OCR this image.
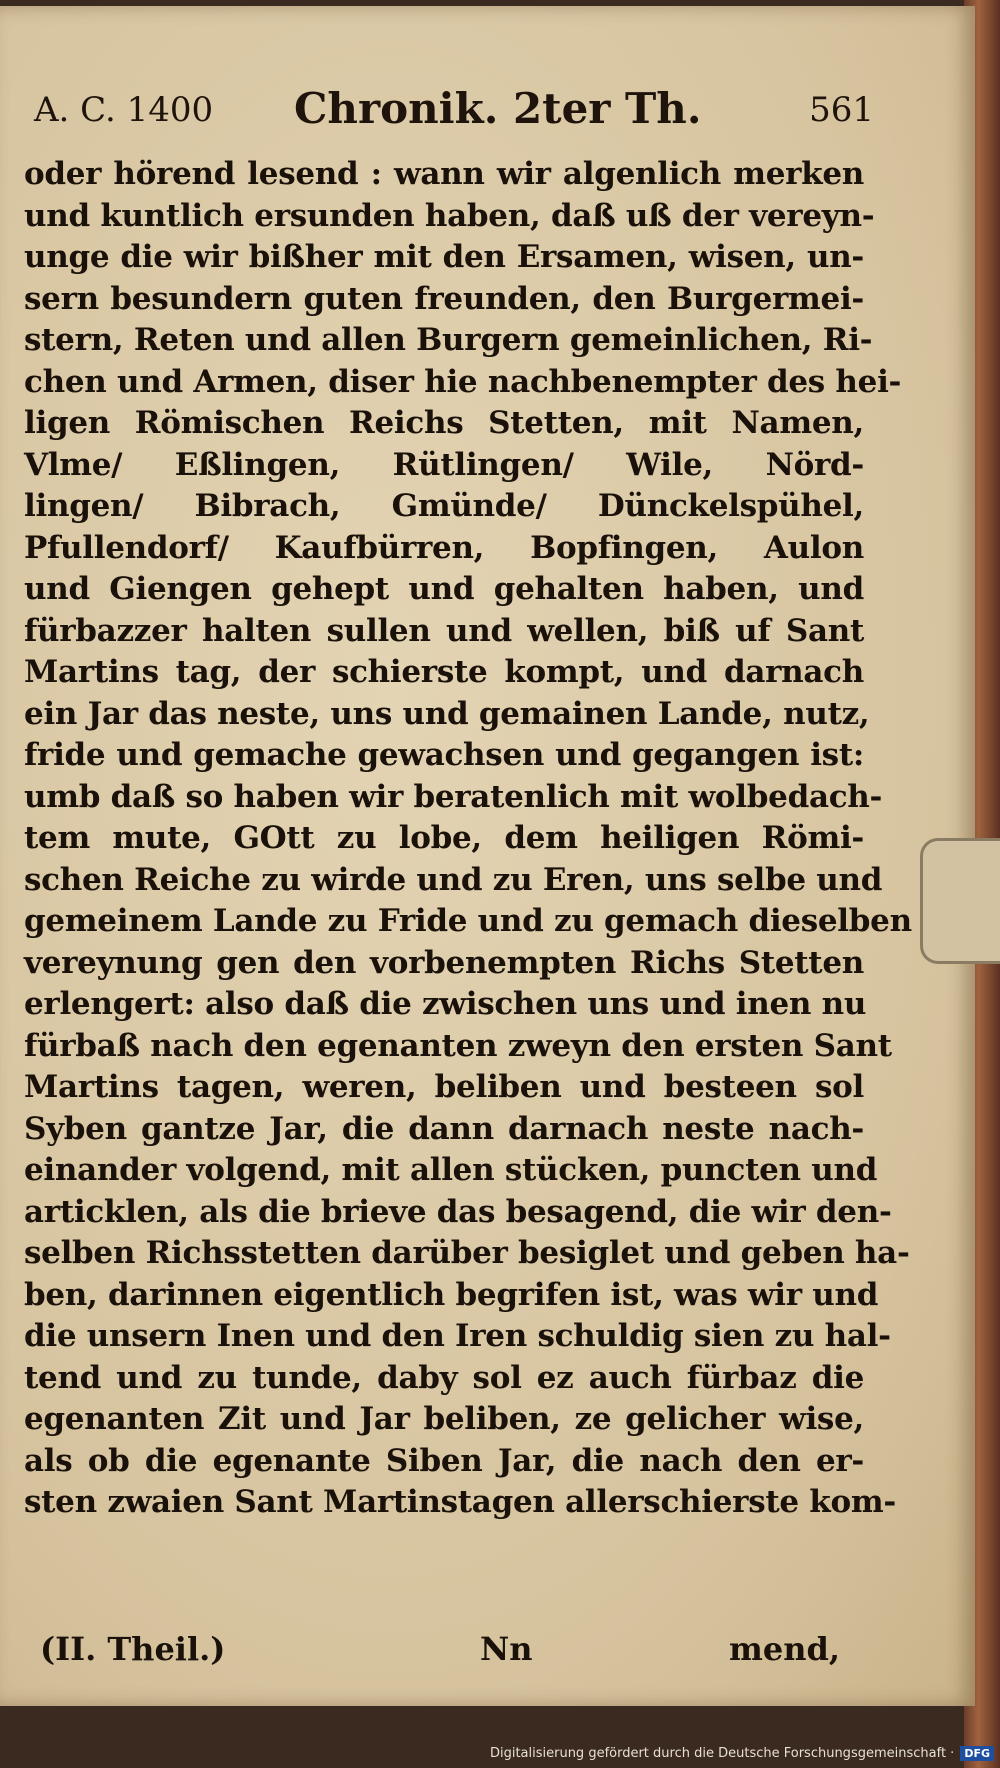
A. C. 1400 Chronik. 2ter Th.	561
oder hörend lesend : wann wir algenlich merken
und kuntlich ersunden haben, daß uß der vereyn-
unge die wir bißher mit den Ersamen, wisen, un-
sern besundern guten freunden, den Burgermei-
stern, Reten und allen Burgern gemeinlichen, Ri-
chen und Armen, diser hie nachbenempter des hei-
ligen Römischen Reichs Stetten, mit Namen,
Vlme/ Eßlingen, Rütlingen/ Wile, Nörd-
lingen/ Bibrach, Gmünde/ Dünckelspühel,
Pfullendorf/ Kaufbürren, Bopfingen, Aulon
und Giengen gehept und gehalten haben, und
fürbazzer halten sullen und wellen, biß uf Sant
Martins tag, der schierste kompt, und darnach
ein Jar das neste, uns und gemainen Lande, nutz,
fride und gemache gewachsen und gegangen ist:
umb daß so haben wir beratenlich mit wolbedach-
tem mute, GOtt zu lobe, dem heiligen Römi-
schen Reiche zu wirde und zu Eren, uns selbe und
gemeinem Lande zu Fride und zu gemach dieselben
vereynung gen den vorbenempten Richs Stetten
erlengert: also daß die zwischen uns und inen nu
fürbaß nach den egenanten zweyn den ersten Sant
Martins tagen, weren, beliben und besteen sol
Syben gantze Jar, die dann darnach neste nach-
einander volgend, mit allen stücken, puncten und
articklen, als die brieve das besagend, die wir den-
selben Richsstetten darüber besiglet und geben ha-
ben, darinnen eigentlich begrifen ist, was wir und
die unsern Inen und den Iren schuldig sien zu hal-
tend und zu tunde, daby sol ez auch fürbaz die
egenanten Zit und Jar beliben, ze gelicher wise,
als ob die egenante Siben Jar, die nach den er-
sten zwaien Sant Martinstagen allerschierste kom-
(II. Theil.)	Nn	mend,
Digitalisierung gefördert durch die Deutsche Forschungsgemeinschaft · DFG
